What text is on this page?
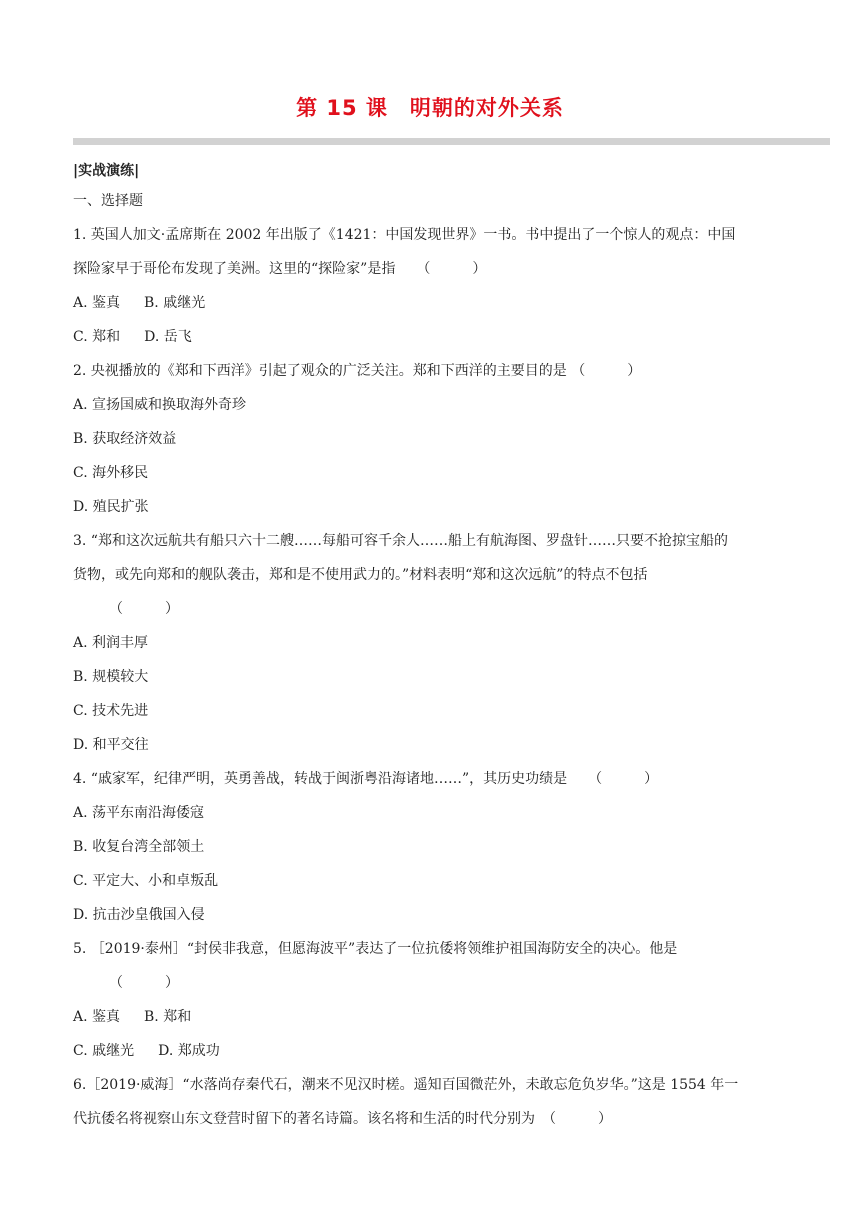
第 15 课　明朝的对外关系
|实战演练|
一、选择题
1. 英国人加文·孟席斯在 2002 年出版了《1421：中国发现世界》一书。书中提出了一个惊人的观点：中国
探险家早于哥伦布发现了美洲。这里的“探险家”是指　　（　　　）
A. 鉴真 B. 戚继光
C. 郑和 D. 岳飞
2. 央视播放的《郑和下西洋》引起了观众的广泛关注。郑和下西洋的主要目的是 （　　　）
A. 宣扬国威和换取海外奇珍
B. 获取经济效益
C. 海外移民
D. 殖民扩张
3. “郑和这次远航共有船只六十二艘……每船可容千余人……船上有航海图、罗盘针……只要不抢掠宝船的
货物，或先向郑和的舰队袭击，郑和是不使用武力的。”材料表明“郑和这次远航”的特点不包括
（　　　）
A. 利润丰厚
B. 规模较大
C. 技术先进
D. 和平交往
4. “戚家军，纪律严明，英勇善战，转战于闽浙粤沿海诸地……”，其历史功绩是　　（　　　）
A. 荡平东南沿海倭寇
B. 收复台湾全部领土
C. 平定大、小和卓叛乱
D. 抗击沙皇俄国入侵
5. ［2019·泰州］“封侯非我意，但愿海波平”表达了一位抗倭将领维护祖国海防安全的决心。他是
（　　　）
A. 鉴真 B. 郑和
C. 戚继光 D. 郑成功
6.［2019·威海］“水落尚存秦代石，潮来不见汉时槎。遥知百国微茫外，未敢忘危负岁华。”这是 1554 年一
代抗倭名将视察山东文登营时留下的著名诗篇。该名将和生活的时代分别为　（　　　）
